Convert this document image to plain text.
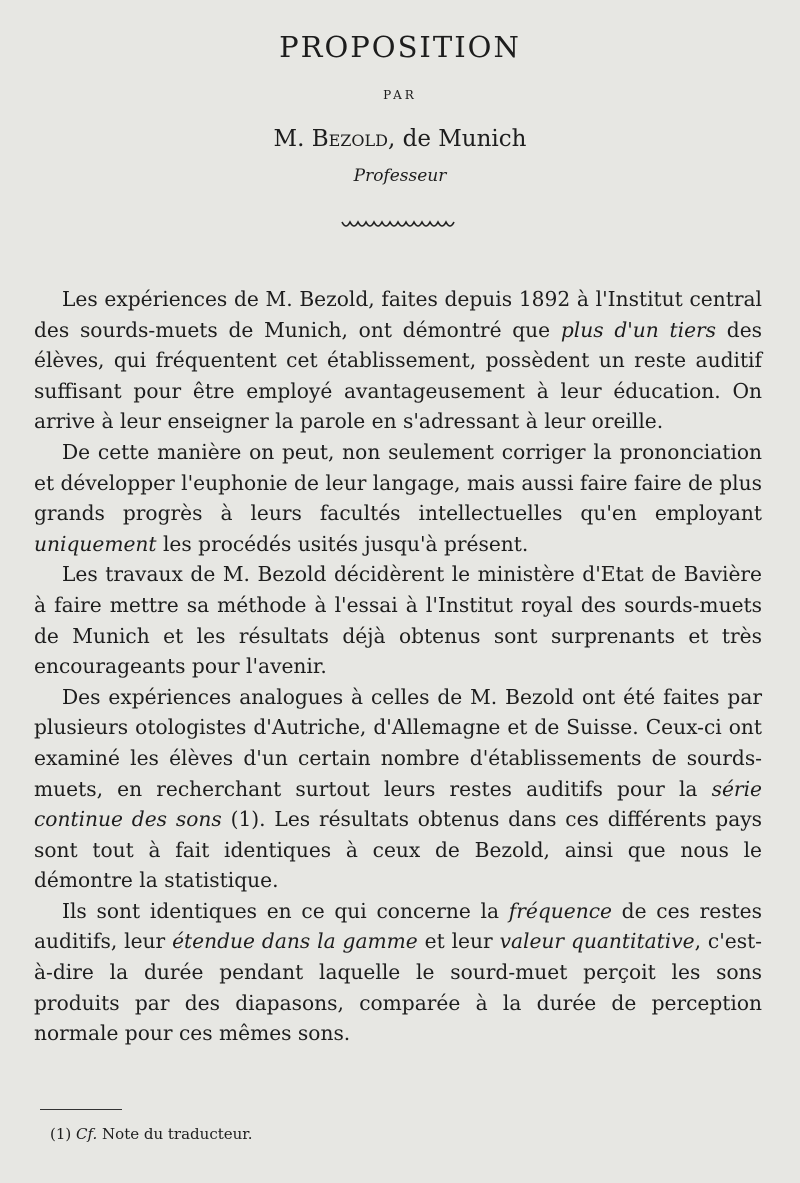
PROPOSITION
PAR
M. Bezold, de Munich
Professeur

Les expériences de M. Bezold, faites depuis 1892 à l'Institut central des sourds-muets de Munich, ont démontré que plus d'un tiers des élèves, qui fréquentent cet établissement, possèdent un reste auditif suffisant pour être employé avantageusement à leur éducation. On arrive à leur enseigner la parole en s'adressant à leur oreille.

De cette manière on peut, non seulement corriger la prononciation et développer l'euphonie de leur langage, mais aussi faire faire de plus grands progrès à leurs facultés intellectuelles qu'en employant uniquement les procédés usités jusqu'à présent.

Les travaux de M. Bezold décidèrent le ministère d'Etat de Bavière à faire mettre sa méthode à l'essai à l'Institut royal des sourds-muets de Munich et les résultats déjà obtenus sont surprenants et très encourageants pour l'avenir.

Des expériences analogues à celles de M. Bezold ont été faites par plusieurs otologistes d'Autriche, d'Allemagne et de Suisse. Ceux-ci ont examiné les élèves d'un certain nombre d'établissements de sourds-muets, en recherchant surtout leurs restes auditifs pour la série continue des sons (1). Les résultats obtenus dans ces différents pays sont tout à fait identiques à ceux de Bezold, ainsi que nous le démontre la statistique.

Ils sont identiques en ce qui concerne la fréquence de ces restes auditifs, leur étendue dans la gamme et leur valeur quantitative, c'est-à-dire la durée pendant laquelle le sourd-muet perçoit les sons produits par des diapasons, comparée à la durée de perception normale pour ces mêmes sons.

(1) Cf. Note du traducteur.
